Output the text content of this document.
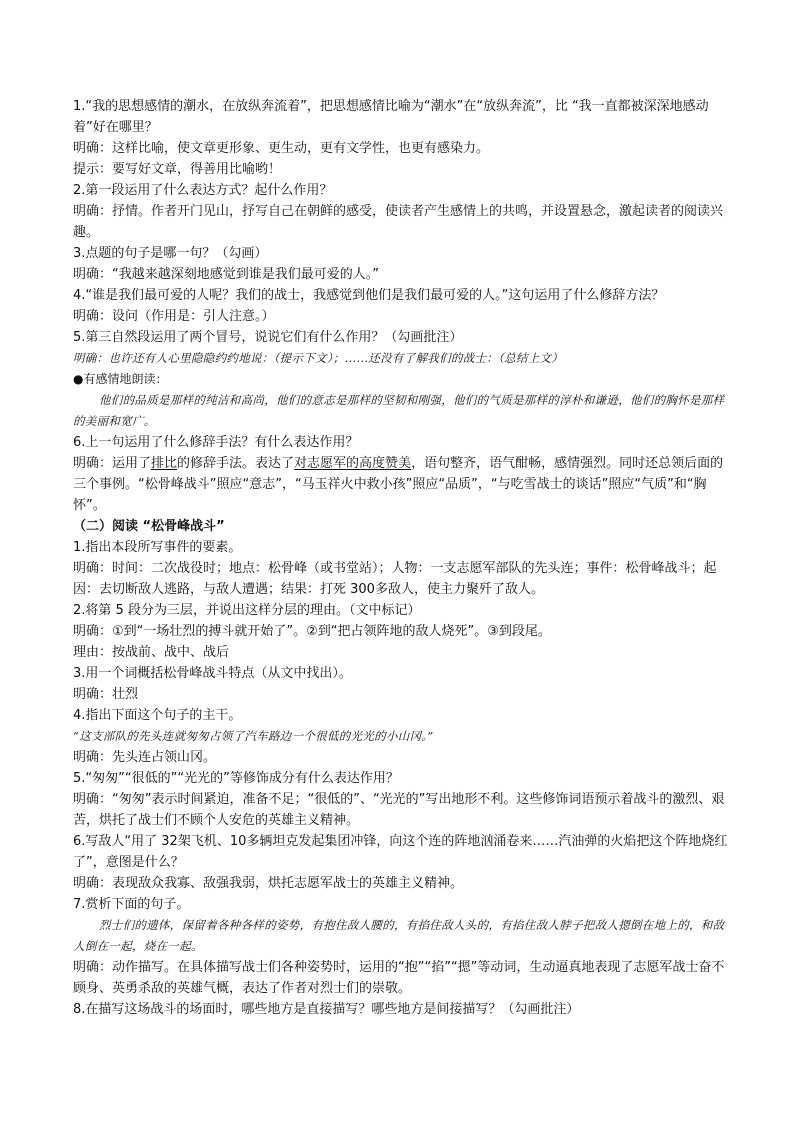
1.“我的思想感情的潮水，在放纵奔流着”，把思想感情比喻为“潮水”在“放纵奔流”，比 “我一直都被深深地感动着”好在哪里？

明确：这样比喻，使文章更形象、更生动，更有文学性，也更有感染力。

提示：要写好文章，得善用比喻哟！

2.第一段运用了什么表达方式？起什么作用？

明确：抒情。作者开门见山，抒写自己在朝鲜的感受，使读者产生感情上的共鸣，并设置悬念，激起读者的阅读兴趣。

3.点题的句子是哪一句？（勾画）

明确：“我越来越深刻地感觉到谁是我们最可爱的人。”

4.“谁是我们最可爱的人呢？我们的战士，我感觉到他们是我们最可爱的人。”这句运用了什么修辞方法？

明确：设问（作用是：引人注意。）

5.第三自然段运用了两个冒号，说说它们有什么作用？（勾画批注）

明确：也许还有人心里隐隐约约地说：（提示下文）；……还没有了解我们的战士：（总结上文）

●有感情地朗读：

他们的品质是那样的纯洁和高尚，他们的意志是那样的坚韧和刚强，他们的气质是那样的淳朴和谦逊，他们的胸怀是那样的美丽和宽广。

6.上一句运用了什么修辞手法？有什么表达作用？

明确：运用了排比的修辞手法。表达了对志愿军的高度赞美，语句整齐，语气酣畅，感情强烈。同时还总领后面的三个事例。“松骨峰战斗”照应“意志”，“马玉祥火中救小孩”照应“品质”，“与吃雪战士的谈话”照应“气质”和“胸怀”。

（二）阅读 “松骨峰战斗”

1.指出本段所写事件的要素。

明确：时间：二次战役时；地点：松骨峰（或书堂站）；人物：一支志愿军部队的先头连；事件：松骨峰战斗；起因：去切断敌人逃路，与敌人遭遇；结果：打死 300多敌人，使主力聚歼了敌人。

2.将第 5 段分为三层，并说出这样分层的理由。（文中标记）

明确：①到“一场壮烈的搏斗就开始了”。②到“把占领阵地的敌人烧死”。③到段尾。

理由：按战前、战中、战后

3.用一个词概括松骨峰战斗特点（从文中找出）。

明确：壮烈

4.指出下面这个句子的主干。

“这支部队的先头连就匆匆占领了汽车路边一个很低的光光的小山冈。”

明确：先头连占领山冈。

5.“匆匆”“很低的”“光光的”等修饰成分有什么表达作用？

明确：“匆匆”表示时间紧迫，准备不足；“很低的”、“光光的”写出地形不利。这些修饰词语预示着战斗的激烈、艰苦，烘托了战士们不顾个人安危的英雄主义精神。

6.写敌人“用了 32架飞机、10多辆坦克发起集团冲锋，向这个连的阵地汹涌卷来……汽油弹的火焰把这个阵地烧红了”，意图是什么？

明确：表现敌众我寡、敌强我弱，烘托志愿军战士的英雄主义精神。

7.赏析下面的句子。

烈士们的遗体，保留着各种各样的姿势，有抱住敌人腰的，有掐住敌人头的，有掐住敌人脖子把敌人摁倒在地上的，和敌人倒在一起，烧在一起。

明确：动作描写。在具体描写战士们各种姿势时，运用的“抱”“掐”“摁”等动词，生动逼真地表现了志愿军战士奋不顾身、英勇杀敌的英雄气概，表达了作者对烈士们的崇敬。

8.在描写这场战斗的场面时，哪些地方是直接描写？哪些地方是间接描写？（勾画批注）
